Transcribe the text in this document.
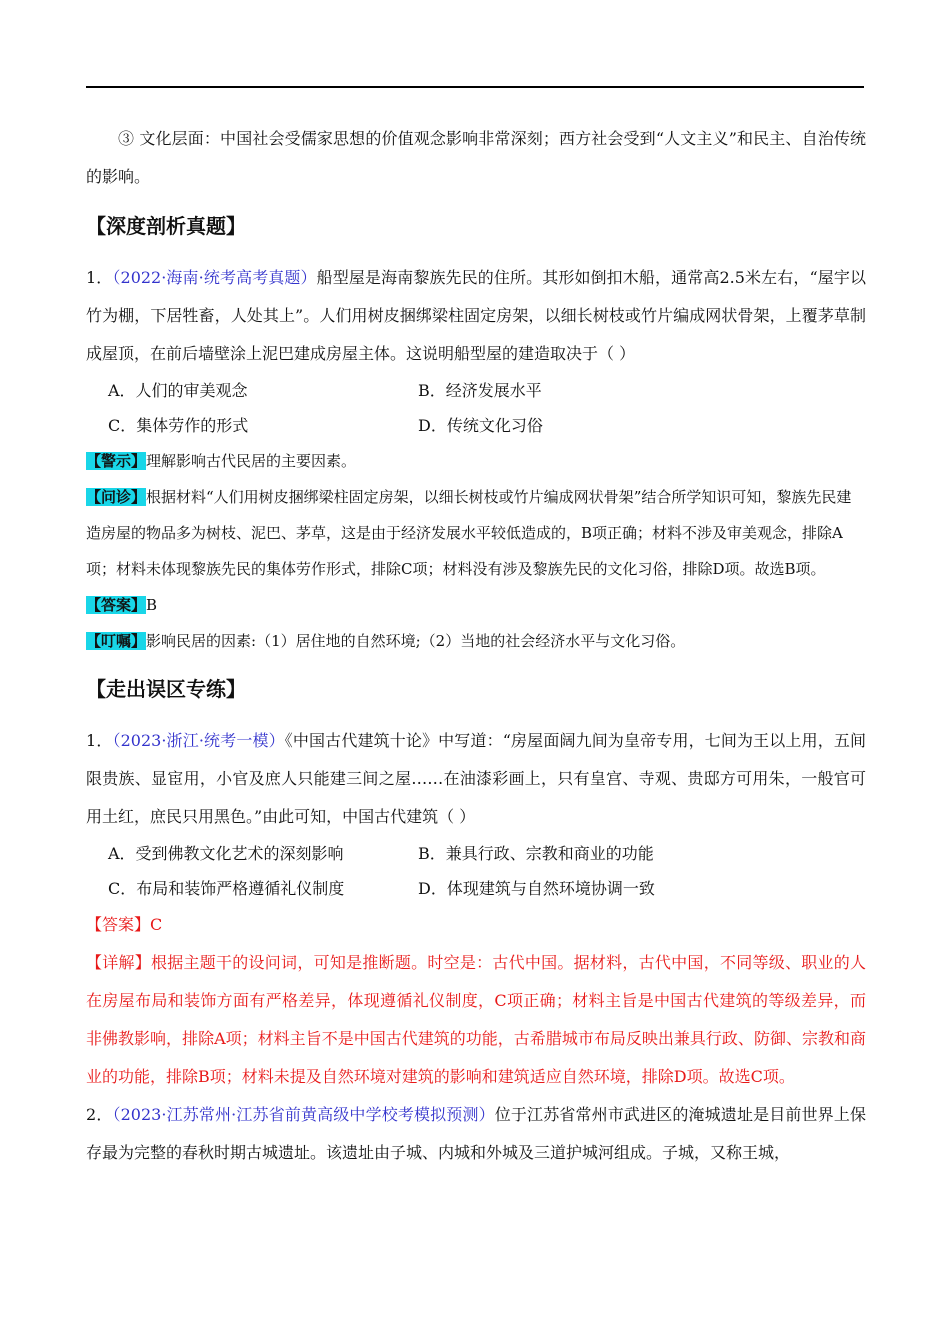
③ 文化层面：中国社会受儒家思想的价值观念影响非常深刻；西方社会受到“人文主义”和民主、自治传统的影响。

【深度剖析真题】

1．（2022·海南·统考高考真题）船型屋是海南黎族先民的住所。其形如倒扣木船，通常高2.5米左右，“屋宇以竹为棚，下居牲畜，人处其上”。人们用树皮捆绑梁柱固定房架，以细长树枝或竹片编成网状骨架，上覆茅草制成屋顶，在前后墙壁涂上泥巴建成房屋主体。这说明船型屋的建造取决于（ ）

A．人们的审美观念	B．经济发展水平
C．集体劳作的形式	D．传统文化习俗

【警示】理解影响古代民居的主要因素。

【问诊】根据材料“人们用树皮捆绑梁柱固定房架，以细长树枝或竹片编成网状骨架”结合所学知识可知，黎族先民建造房屋的物品多为树枝、泥巴、茅草，这是由于经济发展水平较低造成的，B项正确；材料不涉及审美观念，排除A项；材料未体现黎族先民的集体劳作形式，排除C项；材料没有涉及黎族先民的文化习俗，排除D项。故选B项。

【答案】B

【叮嘱】影响民居的因素:（1）居住地的自然环境;（2）当地的社会经济水平与文化习俗。

【走出误区专练】

1．（2023·浙江·统考一模）《中国古代建筑十论》中写道：“房屋面阔九间为皇帝专用，七间为王以上用，五间限贵族、显宦用，小官及庶人只能建三间之屋……在油漆彩画上，只有皇宫、寺观、贵邸方可用朱，一般官可用土红，庶民只用黑色。”由此可知，中国古代建筑（ ）

A．受到佛教文化艺术的深刻影响	B．兼具行政、宗教和商业的功能
C．布局和装饰严格遵循礼仪制度	D．体现建筑与自然环境协调一致

【答案】C

【详解】根据主题干的设问词，可知是推断题。时空是：古代中国。据材料，古代中国，不同等级、职业的人在房屋布局和装饰方面有严格差异，体现遵循礼仪制度，C项正确；材料主旨是中国古代建筑的等级差异，而非佛教影响，排除A项；材料主旨不是中国古代建筑的功能，古希腊城市布局反映出兼具行政、防御、宗教和商业的功能，排除B项；材料未提及自然环境对建筑的影响和建筑适应自然环境，排除D项。故选C项。

2．（2023·江苏常州·江苏省前黄高级中学校考模拟预测）位于江苏省常州市武进区的淹城遗址是目前世界上保存最为完整的春秋时期古城遗址。该遗址由子城、内城和外城及三道护城河组成。子城，又称王城，
